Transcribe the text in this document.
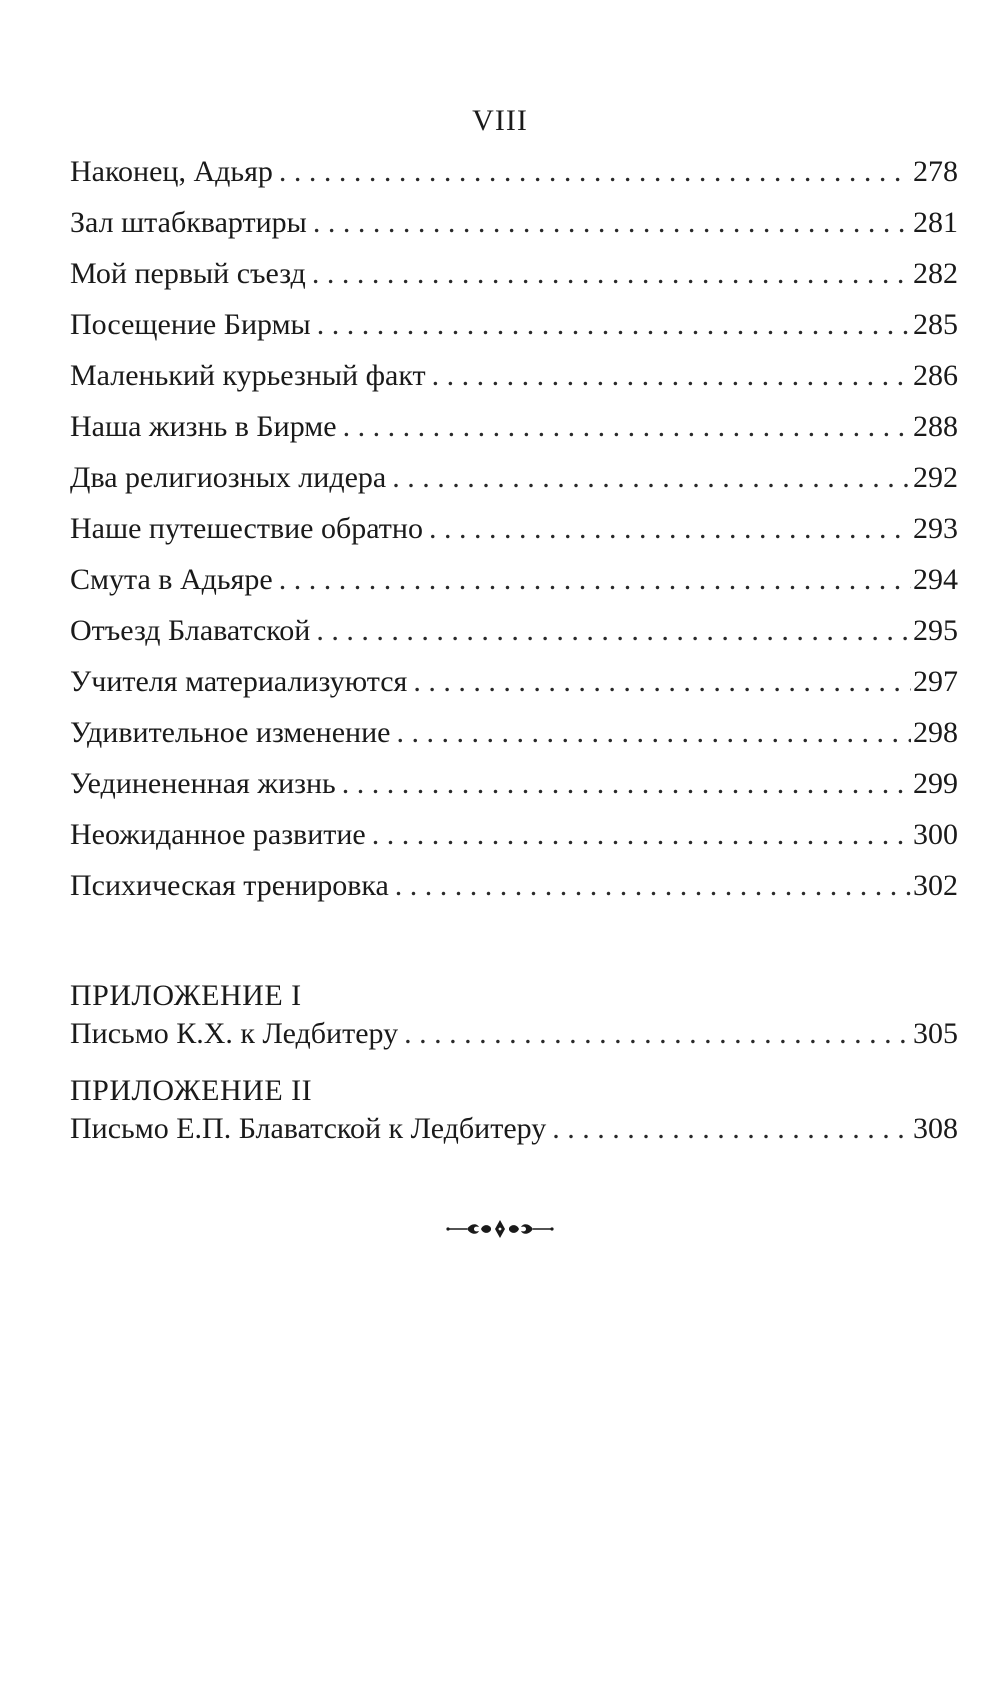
VIII
Наконец, Адьяр . . .	278
Зал штабквартиры . . .	281
Мой первый съезд . . .	282
Посещение Бирмы . . .	285
Маленький курьезный факт . . .	286
Наша жизнь в Бирме . . .	288
Два религиозных лидера . . .	292
Наше путешествие обратно . . .	293
Смута в Адьяре . . .	294
Отъезд Блаватской . . .	295
Учителя материализуются . . .	297
Удивительное изменение . . .	298
Уединененная жизнь . . .	299
Неожиданное развитие . . .	300
Психическая тренировка . . .	302
ПРИЛОЖЕНИЕ I
Письмо К.Х. к Ледбитеру . . .	305
ПРИЛОЖЕНИЕ II
Письмо Е.П. Блаватской к Ледбитеру . . .	308
